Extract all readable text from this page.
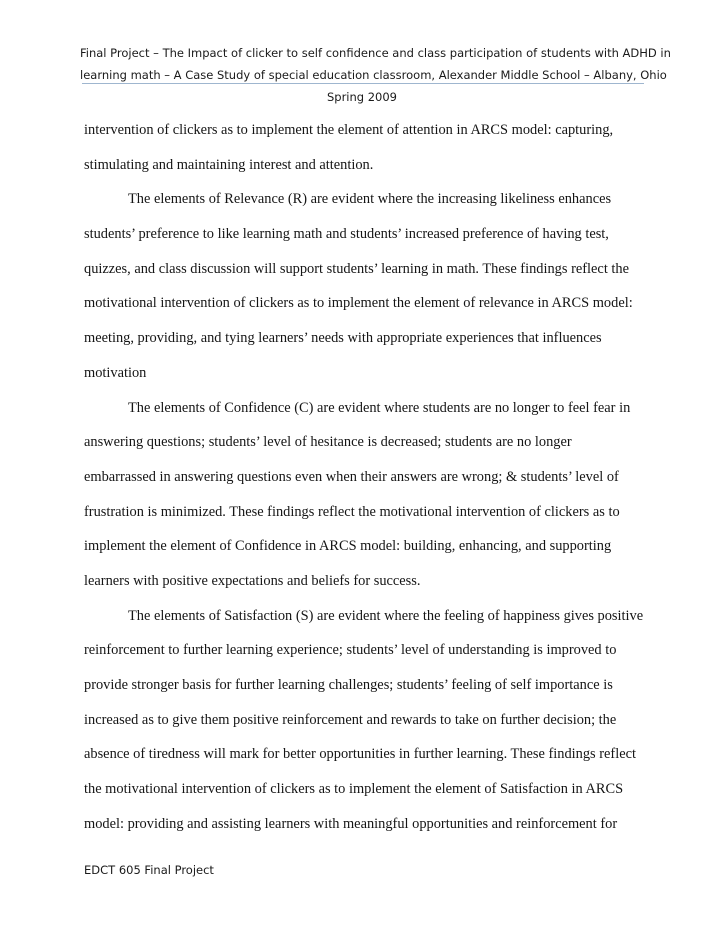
Final Project – The Impact of clicker to self confidence and class participation of students with ADHD in
learning math – A Case Study of special education classroom, Alexander Middle School – Albany, Ohio
Spring 2009
intervention of clickers as to implement the element of attention in ARCS model: capturing,
stimulating and maintaining interest and attention.
The elements of Relevance (R) are evident where the increasing likeliness enhances
students’ preference to like learning math and students’ increased preference of having test,
quizzes, and class discussion will support students’ learning in math. These findings reflect the
motivational intervention of clickers as to implement the element of relevance in ARCS model:
meeting, providing, and tying learners’ needs with appropriate experiences that influences
motivation
The elements of Confidence (C) are evident where students are no longer to feel fear in
answering questions; students’ level of hesitance is decreased; students are no longer
embarrassed in answering questions even when their answers are wrong; & students’ level of
frustration is minimized. These findings reflect the motivational intervention of clickers as to
implement the element of Confidence in ARCS model: building, enhancing, and supporting
learners with positive expectations and beliefs for success.
The elements of Satisfaction (S) are evident where the feeling of happiness gives positive
reinforcement to further learning experience; students’ level of understanding is improved to
provide stronger basis for further learning challenges; students’ feeling of self importance is
increased as to give them positive reinforcement and rewards to take on further decision; the
absence of tiredness will mark for better opportunities in further learning. These findings reflect
the motivational intervention of clickers as to implement the element of Satisfaction in ARCS
model: providing and assisting learners with meaningful opportunities and reinforcement for
EDCT 605 Final Project
